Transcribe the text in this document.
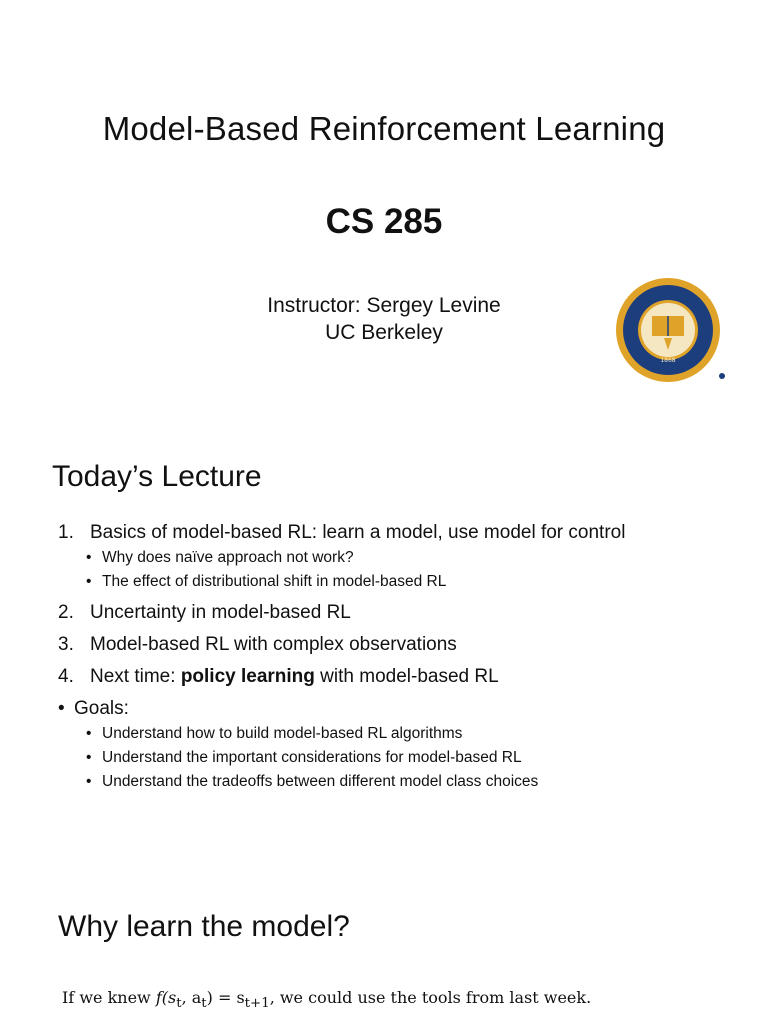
Model-Based Reinforcement Learning
CS 285
Instructor: Sergey Levine
UC Berkeley
1868
Today’s Lecture
1. Basics of model-based RL: learn a model, use model for control
• Why does naïve approach not work?
• The effect of distributional shift in model-based RL
2. Uncertainty in model-based RL
3. Model-based RL with complex observations
4. Next time: policy learning with model-based RL
• Goals:
• Understand how to build model-based RL algorithms
• Understand the important considerations for model-based RL
• Understand the tradeoffs between different model class choices
Why learn the model?
If we knew $f(s_t$, $a_t) = s_{t+1}$, we could use the tools from last week.
